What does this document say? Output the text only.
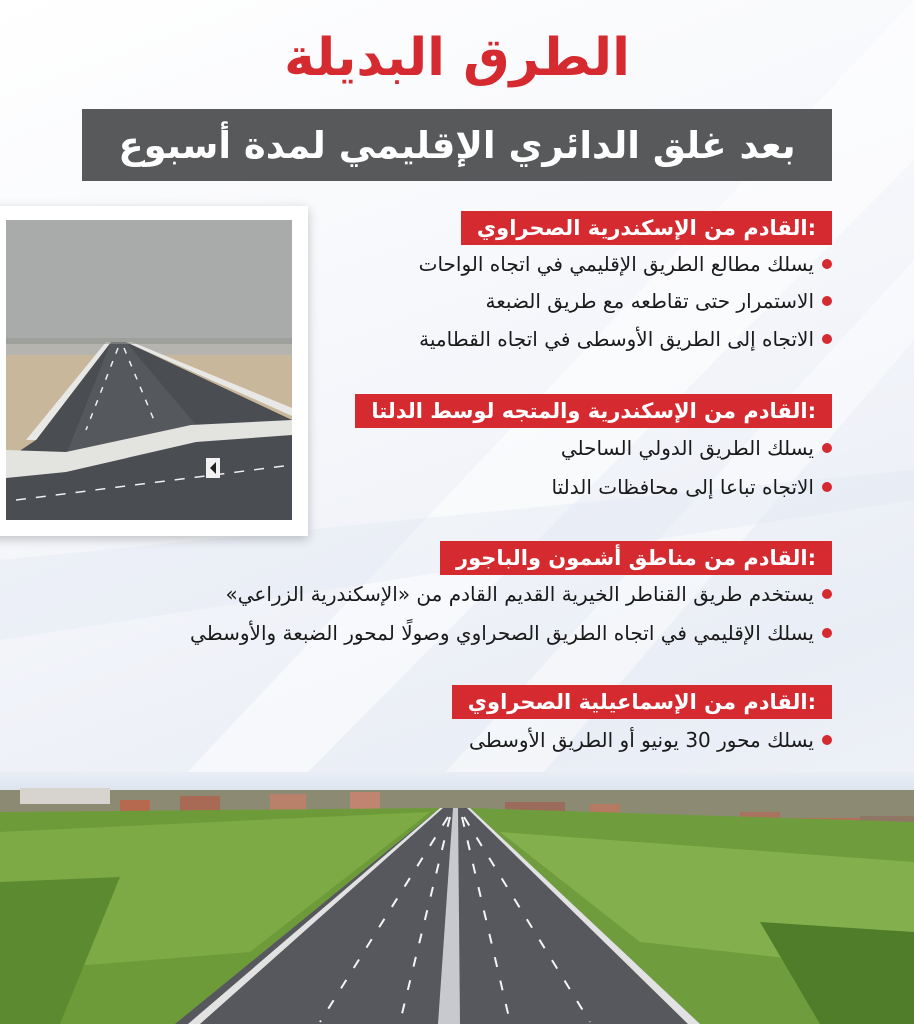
الطرق البديلة
بعد غلق الدائري الإقليمي لمدة أسبوع
القادم من الإسكندرية الصحراوي:
يسلك مطالع الطريق الإقليمي في اتجاه الواحات
الاستمرار حتى تقاطعه مع طريق الضبعة
الاتجاه إلى الطريق الأوسطى في اتجاه القطامية
القادم من الإسكندرية والمتجه لوسط الدلتا:
يسلك الطريق الدولي الساحلي
الاتجاه تباعا إلى محافظات الدلتا
القادم من مناطق أشمون والباجور:
يستخدم طريق القناطر الخيرية القديم القادم من «الإسكندرية الزراعي»
يسلك الإقليمي في اتجاه الطريق الصحراوي وصولًا لمحور الضبعة والأوسطي
القادم من الإسماعيلية الصحراوي:
يسلك محور 30 يونيو أو الطريق الأوسطى
